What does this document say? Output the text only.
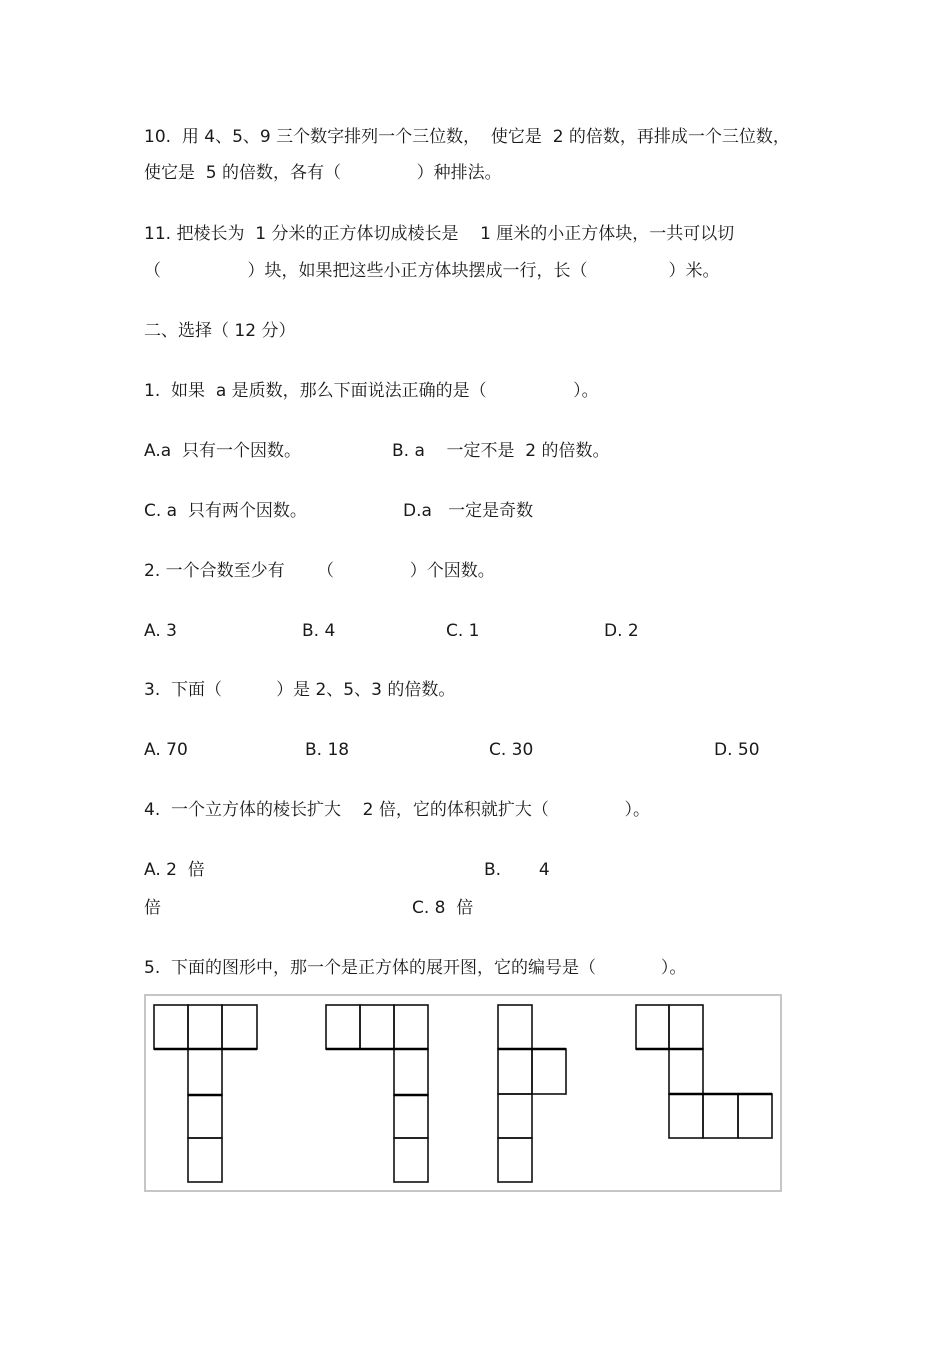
10.  用 4、5、9 三个数字排列一个三位数，  使它是  2 的倍数，再排成一个三位数，

使它是  5 的倍数，各有（              ）种排法。

11. 把棱长为  1 分米的正方体切成棱长是    1 厘米的小正方体块，一共可以切

（                ）块，如果把这些小正方体块摆成一行，长（               ）米。

二、选择（ 12 分）

1.  如果  a 是质数，那么下面说法正确的是（                ）。

A.a  只有一个因数。	B. a    一定不是  2 的倍数。

C. a  只有两个因数。	D.a   一定是奇数

2. 一个合数至少有      （              ）个因数。

A. 3	B. 4	C. 1	D. 2

3.  下面（          ）是 2、5、3 的倍数。

A. 70	B. 18	C. 30	D. 50

4.  一个立方体的棱长扩大    2 倍，它的体积就扩大（              ）。

A. 2  倍	B.       4

倍	C. 8  倍

5.  下面的图形中，那一个是正方体的展开图，它的编号是（            ）。
